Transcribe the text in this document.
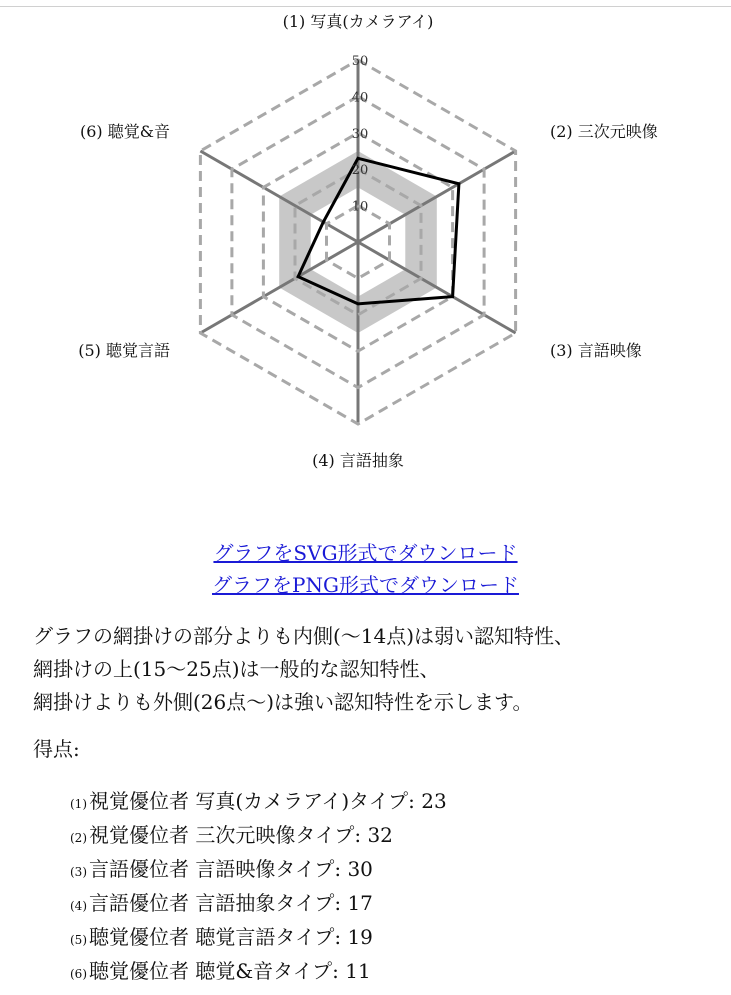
10
20
30
40
50
(1) 写真(カメラアイ)
(2) 三次元映像
(3) 言語映像
(4) 言語抽象
(5) 聴覚言語
(6) 聴覚&音
グラフをSVG形式でダウンロード
グラフをPNG形式でダウンロード

グラフの網掛けの部分よりも内側(〜14点)は弱い認知特性、

網掛けの上(15〜25点)は一般的な認知特性、

網掛けよりも外側(26点〜)は強い認知特性を示します。

得点:
(1) 視覚優位者 写真(カメラアイ)タイプ: 23
(2) 視覚優位者 三次元映像タイプ: 32
(3) 言語優位者 言語映像タイプ: 30
(4) 言語優位者 言語抽象タイプ: 17
(5) 聴覚優位者 聴覚言語タイプ: 19
(6) 聴覚優位者 聴覚&音タイプ: 11
